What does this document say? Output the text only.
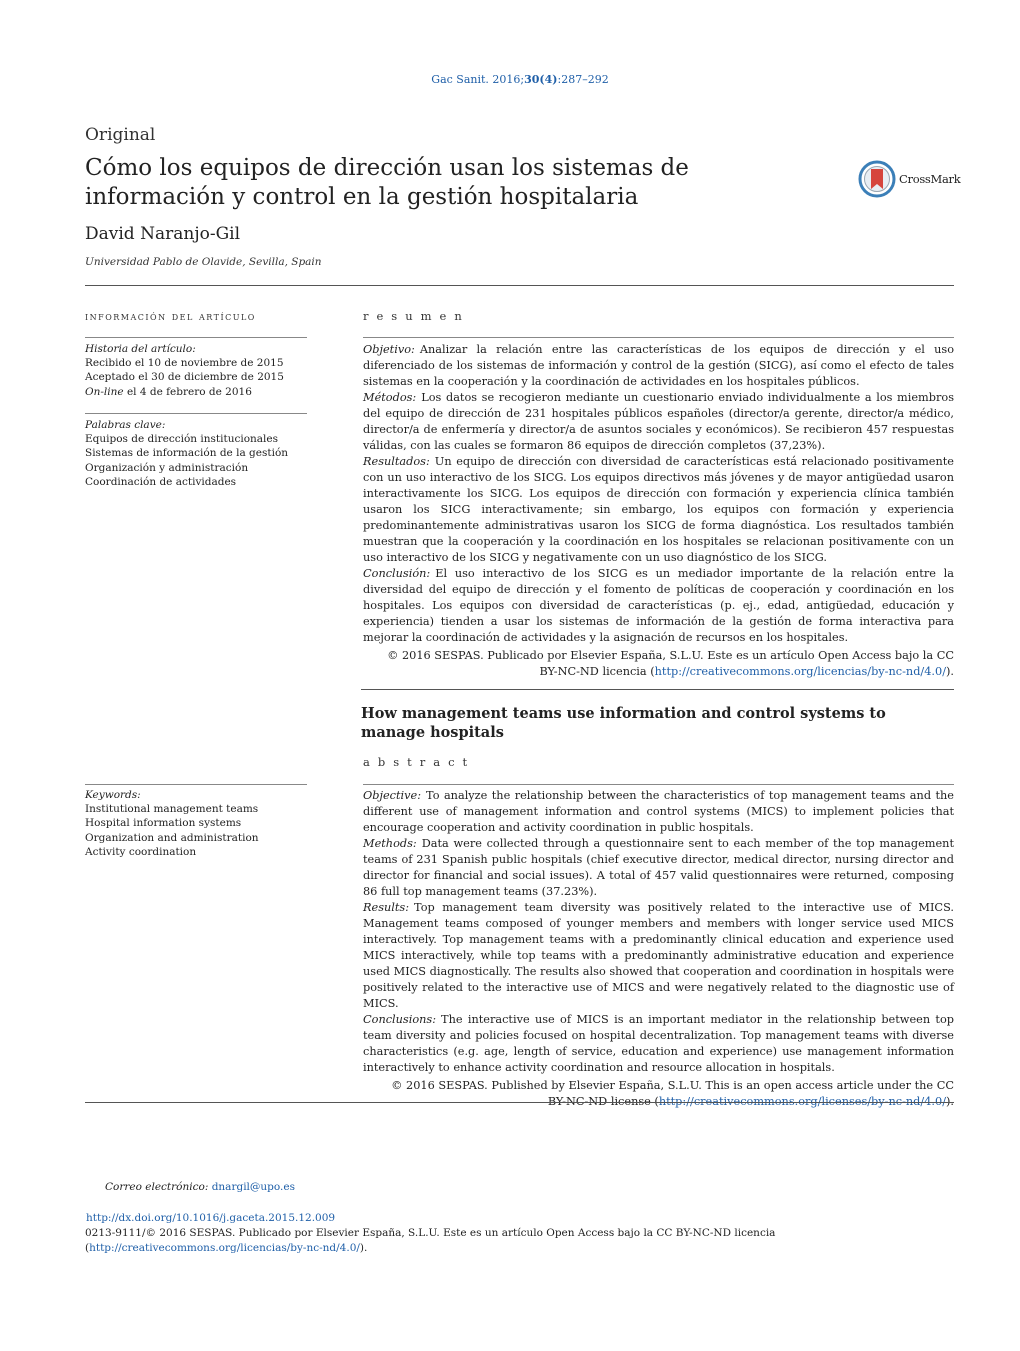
Gac Sanit. 2016;30(4):287–292
Original
Cómo los equipos de dirección usan los sistemas de información y control en la gestión hospitalaria
CrossMark
David Naranjo-Gil
Universidad Pablo de Olavide, Sevilla, Spain
información del artículo
Historia del artículo:
Recibido el 10 de noviembre de 2015
Aceptado el 30 de diciembre de 2015
On-line el 4 de febrero de 2016
Palabras clave:
Equipos de dirección institucionales
Sistemas de información de la gestión
Organización y administración
Coordinación de actividades
Keywords:
Institutional management teams
Hospital information systems
Organization and administration
Activity coordination
resumen

Objetivo: Analizar la relación entre las características de los equipos de dirección y el uso diferenciado de los sistemas de información y control de la gestión (SICG), así como el efecto de tales sistemas en la cooperación y la coordinación de actividades en los hospitales públicos.

Métodos: Los datos se recogieron mediante un cuestionario enviado individualmente a los miembros del equipo de dirección de 231 hospitales públicos españoles (director/a gerente, director/a médico, director/a de enfermería y director/a de asuntos sociales y económicos). Se recibieron 457 respuestas válidas, con las cuales se formaron 86 equipos de dirección completos (37,23%).

Resultados: Un equipo de dirección con diversidad de características está relacionado positivamente con un uso interactivo de los SICG. Los equipos directivos más jóvenes y de mayor antigüedad usaron interactivamente los SICG. Los equipos de dirección con formación y experiencia clínica también usaron los SICG interactivamente; sin embargo, los equipos con formación y experiencia predominantemente administrativas usaron los SICG de forma diagnóstica. Los resultados también muestran que la cooperación y la coordinación en los hospitales se relacionan positivamente con un uso interactivo de los SICG y negativamente con un uso diagnóstico de los SICG.

Conclusión: El uso interactivo de los SICG es un mediador importante de la relación entre la diversidad del equipo de dirección y el fomento de políticas de cooperación y coordinación en los hospitales. Los equipos con diversidad de características (p. ej., edad, antigüedad, educación y experiencia) tienden a usar los sistemas de información de la gestión de forma interactiva para mejorar la coordinación de actividades y la asignación de recursos en los hospitales.

© 2016 SESPAS. Publicado por Elsevier España, S.L.U. Este es un artículo Open Access bajo la CC
BY-NC-ND licencia (http://creativecommons.org/licencias/by-nc-nd/4.0/).

How management teams use information and control systems to manage hospitals
abstract

Objective: To analyze the relationship between the characteristics of top management teams and the different use of management information and control systems (MICS) to implement policies that encourage cooperation and activity coordination in public hospitals.

Methods: Data were collected through a questionnaire sent to each member of the top management teams of 231 Spanish public hospitals (chief executive director, medical director, nursing director and director for financial and social issues). A total of 457 valid questionnaires were returned, composing 86 full top management teams (37.23%).

Results: Top management team diversity was positively related to the interactive use of MICS. Management teams composed of younger members and members with longer service used MICS interactively. Top management teams with a predominantly clinical education and experience used MICS interactively, while top teams with a predominantly administrative education and experience used MICS diagnostically. The results also showed that cooperation and coordination in hospitals were positively related to the interactive use of MICS and were negatively related to the diagnostic use of MICS.

Conclusions: The interactive use of MICS is an important mediator in the relationship between top team diversity and policies focused on hospital decentralization. Top management teams with diverse characteristics (e.g. age, length of service, education and experience) use management information interactively to enhance activity coordination and resource allocation in hospitals.

© 2016 SESPAS. Published by Elsevier España, S.L.U. This is an open access article under the CC
BY-NC-ND license (http://creativecommons.org/licenses/by-nc-nd/4.0/).

Correo electrónico: dnargil@upo.es
http://dx.doi.org/10.1016/j.gaceta.2015.12.009
0213-9111/© 2016 SESPAS. Publicado por Elsevier España, S.L.U. Este es un artículo Open Access bajo la CC BY-NC-ND licencia (http://creativecommons.org/licencias/by-nc-nd/4.0/).
